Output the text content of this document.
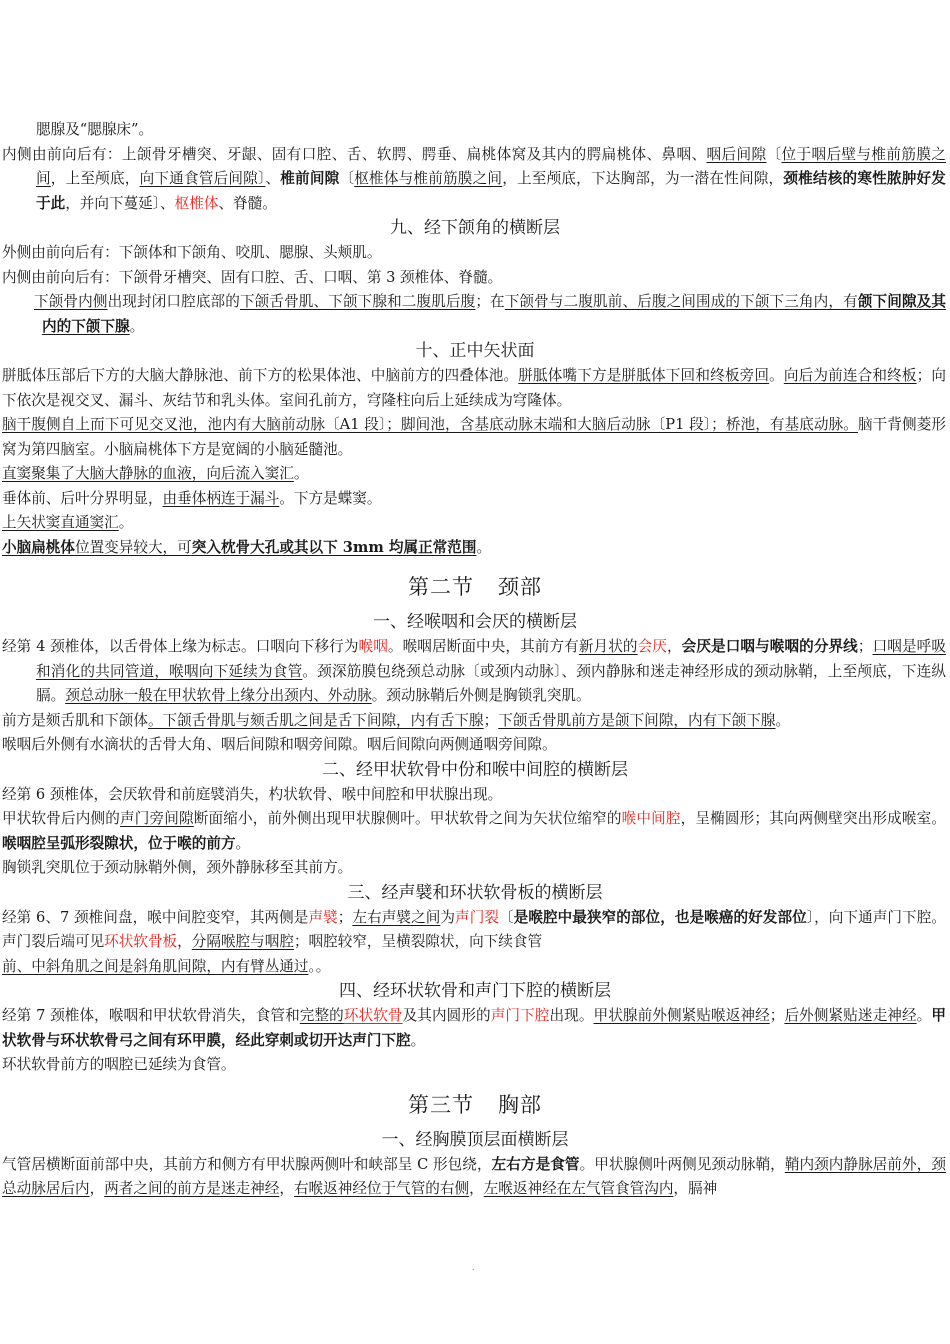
腮腺及“腮腺床”。

内侧由前向后有：上颌骨牙槽突、牙龈、固有口腔、舌、软腭、腭垂、扁桃体窝及其内的腭扁桃体、鼻咽、咽后间隙〔位于咽后壁与椎前筋膜之间，上至颅底，向下通食管后间隙〕、椎前间隙〔枢椎体与椎前筋膜之间，上至颅底，下达胸部，为一潜在性间隙，颈椎结核的寒性脓肿好发于此，并向下蔓延〕、枢椎体、脊髓。

九、经下颌角的横断层

外侧由前向后有：下颌体和下颌角、咬肌、腮腺、头颊肌。

内侧由前向后有：下颌骨牙槽突、固有口腔、舌、口咽、第 3 颈椎体、脊髓。

下颌骨内侧出现封闭口腔底部的下颌舌骨肌、下颌下腺和二腹肌后腹；在下颌骨与二腹肌前、后腹之间围成的下颌下三角内，有颌下间隙及其内的下颌下腺。

十、正中矢状面

胼胝体压部后下方的大脑大静脉池、前下方的松果体池、中脑前方的四叠体池。胼胝体嘴下方是胼胝体下回和终板旁回。向后为前连合和终板；向下依次是视交叉、漏斗、灰结节和乳头体。室间孔前方，穹隆柱向后上延续成为穹隆体。

脑干腹侧自上而下可见交叉池，池内有大脑前动脉〔A1 段〕；脚间池，含基底动脉末端和大脑后动脉〔P1 段〕；桥池，有基底动脉。脑干背侧菱形窝为第四脑室。小脑扁桃体下方是宽阔的小脑延髓池。

直窦聚集了大脑大静脉的血液，向后流入窦汇。

垂体前、后叶分界明显，由垂体柄连于漏斗。下方是蝶窦。

上矢状窦直通窦汇。

小脑扁桃体位置变异较大，可突入枕骨大孔或其以下 3mm 均属正常范围。

第二节 颈部
一、经喉咽和会厌的横断层

经第 4 颈椎体，以舌骨体上缘为标志。口咽向下移行为喉咽。喉咽居断面中央，其前方有新月状的会厌，会厌是口咽与喉咽的分界线；口咽是呼吸和消化的共同管道，喉咽向下延续为食管。颈深筋膜包绕颈总动脉〔或颈内动脉〕、颈内静脉和迷走神经形成的颈动脉鞘，上至颅底，下连纵膈。颈总动脉一般在甲状软骨上缘分出颈内、外动脉。颈动脉鞘后外侧是胸锁乳突肌。

前方是颏舌肌和下颌体。下颌舌骨肌与颏舌肌之间是舌下间隙，内有舌下腺；下颌舌骨肌前方是颌下间隙，内有下颌下腺。

喉咽后外侧有水滴状的舌骨大角、咽后间隙和咽旁间隙。咽后间隙向两侧通咽旁间隙。

二、经甲状软骨中份和喉中间腔的横断层

经第 6 颈椎体，会厌软骨和前庭襞消失，杓状软骨、喉中间腔和甲状腺出现。

甲状软骨后内侧的声门旁间隙断面缩小，前外侧出现甲状腺侧叶。甲状软骨之间为矢状位缩窄的喉中间腔，呈椭圆形；其向两侧壁突出形成喉室。喉咽腔呈弧形裂隙状，位于喉的前方。

胸锁乳突肌位于颈动脉鞘外侧，颈外静脉移至其前方。

三、经声襞和环状软骨板的横断层

经第 6、7 颈椎间盘，喉中间腔变窄，其两侧是声襞；左右声襞之间为声门裂〔是喉腔中最狭窄的部位，也是喉癌的好发部位〕，向下通声门下腔。声门裂后端可见环状软骨板，分隔喉腔与咽腔；咽腔较窄，呈横裂隙状，向下续食管

前、中斜角肌之间是斜角肌间隙，内有臂丛通过。。

四、经环状软骨和声门下腔的横断层

经第 7 颈椎体，喉咽和甲状软骨消失，食管和完整的环状软骨及其内圆形的声门下腔出现。甲状腺前外侧紧贴喉返神经；后外侧紧贴迷走神经。甲状软骨与环状软骨弓之间有环甲膜，经此穿刺或切开达声门下腔。

环状软骨前方的咽腔已延续为食管。

第三节 胸部
一、经胸膜顶层面横断层

气管居横断面前部中央，其前方和侧方有甲状腺两侧叶和峡部呈 C 形包绕，左右方是食管。甲状腺侧叶两侧见颈动脉鞘，鞘内颈内静脉居前外，颈总动脉居后内，两者之间的前方是迷走神经，右喉返神经位于气管的右侧，左喉返神经在左气管食管沟内，膈神

.
